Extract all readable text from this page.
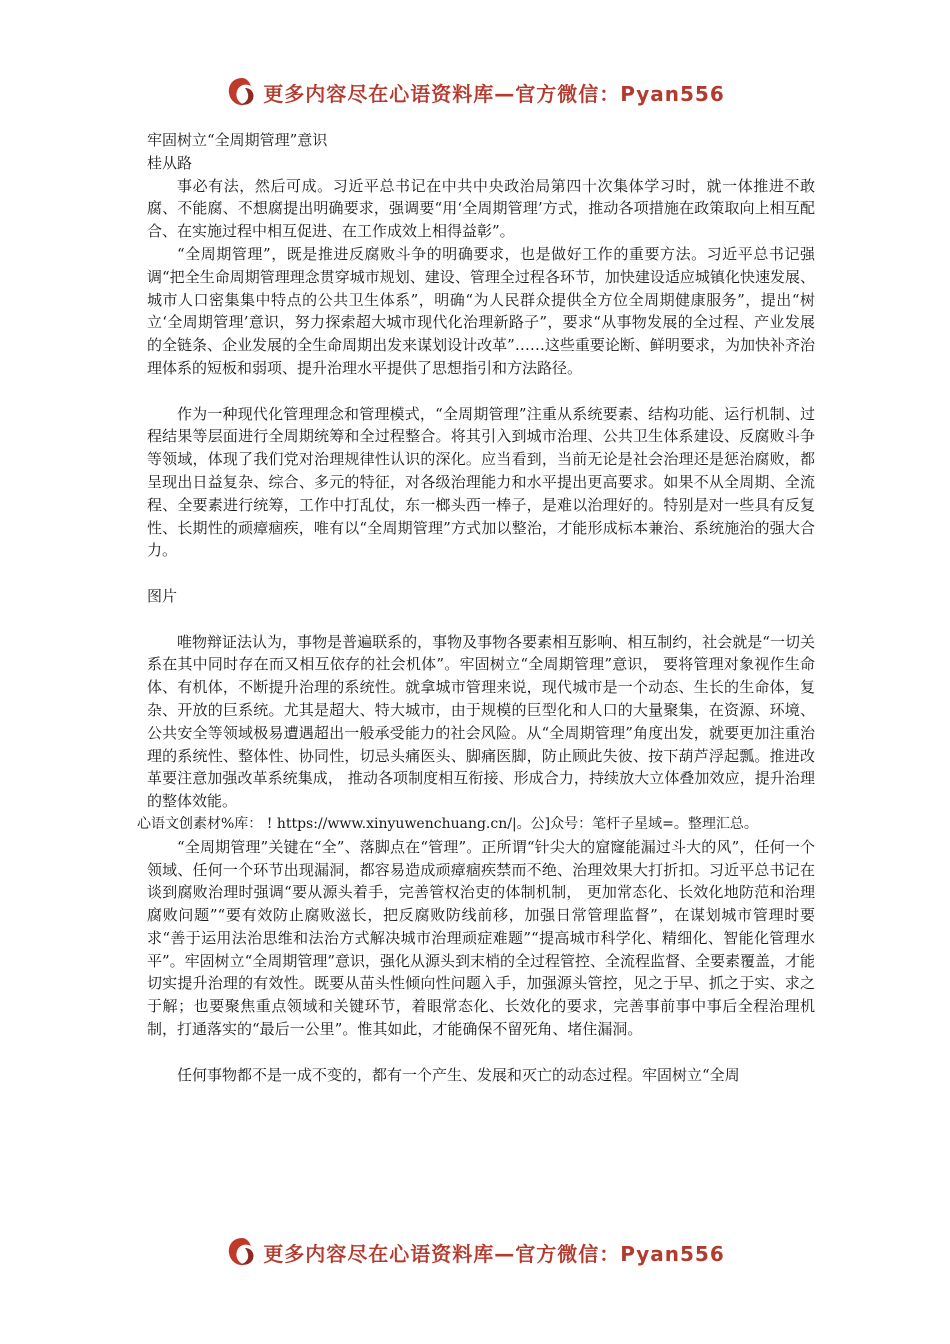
更多内容尽在心语资料库—官方微信：Pyan556

牢固树立“全周期管理”意识

桂从路

事必有法，然后可成。习近平总书记在中共中央政治局第四十次集体学习时，就一体推进不敢腐、不能腐、不想腐提出明确要求，强调要“用‘全周期管理’方式，推动各项措施在政策取向上相互配合、在实施过程中相互促进、在工作成效上相得益彰”。

“全周期管理”，既是推进反腐败斗争的明确要求，也是做好工作的重要方法。习近平总书记强调“把全生命周期管理理念贯穿城市规划、建设、管理全过程各环节，加快建设适应城镇化快速发展、城市人口密集集中特点的公共卫生体系”，明确“为人民群众提供全方位全周期健康服务”，提出“树立‘全周期管理’意识，努力探索超大城市现代化治理新路子”，要求“从事物发展的全过程、产业发展的全链条、企业发展的全生命周期出发来谋划设计改革”……这些重要论断、鲜明要求，为加快补齐治理体系的短板和弱项、提升治理水平提供了思想指引和方法路径。

作为一种现代化管理理念和管理模式，“全周期管理”注重从系统要素、结构功能、运行机制、过程结果等层面进行全周期统筹和全过程整合。将其引入到城市治理、公共卫生体系建设、反腐败斗争等领域，体现了我们党对治理规律性认识的深化。应当看到，当前无论是社会治理还是惩治腐败，都呈现出日益复杂、综合、多元的特征，对各级治理能力和水平提出更高要求。如果不从全周期、全流程、全要素进行统筹，工作中打乱仗，东一榔头西一棒子，是难以治理好的。特别是对一些具有反复性、长期性的顽瘴痼疾，唯有以“全周期管理”方式加以整治，才能形成标本兼治、系统施治的强大合力。

图片

唯物辩证法认为，事物是普遍联系的，事物及事物各要素相互影响、相互制约，社会就是“一切关系在其中同时存在而又相互依存的社会机体”。牢固树立“全周期管理”意识， 要将管理对象视作生命体、有机体，不断提升治理的系统性。就拿城市管理来说，现代城市是一个动态、生长的生命体，复杂、开放的巨系统。尤其是超大、特大城市，由于规模的巨型化和人口的大量聚集，在资源、环境、公共安全等领域极易遭遇超出一般承受能力的社会风险。从“全周期管理”角度出发，就要更加注重治理的系统性、整体性、协同性，切忌头痛医头、脚痛医脚，防止顾此失彼、按下葫芦浮起瓢。推进改革要注意加强改革系统集成， 推动各项制度相互衔接、形成合力，持续放大立体叠加效应，提升治理的整体效能。

心语文创素材%库： ! https://www.xinyuwenchuang.cn/|。公]众号：笔杆子星域=。整理汇总。

“全周期管理”关键在“全”、落脚点在“管理”。正所谓“针尖大的窟窿能漏过斗大的风”，任何一个领域、任何一个环节出现漏洞，都容易造成顽瘴痼疾禁而不绝、治理效果大打折扣。习近平总书记在谈到腐败治理时强调“要从源头着手，完善管权治吏的体制机制， 更加常态化、长效化地防范和治理腐败问题”“要有效防止腐败滋长，把反腐败防线前移，加强日常管理监督”，在谋划城市管理时要求“善于运用法治思维和法治方式解决城市治理顽症难题”“提高城市科学化、精细化、智能化管理水平”。牢固树立“全周期管理”意识，强化从源头到末梢的全过程管控、全流程监督、全要素覆盖，才能切实提升治理的有效性。既要从苗头性倾向性问题入手，加强源头管控，见之于早、抓之于实、求之于解；也要聚焦重点领域和关键环节，着眼常态化、长效化的要求，完善事前事中事后全程治理机制，打通落实的“最后一公里”。惟其如此，才能确保不留死角、堵住漏洞。

任何事物都不是一成不变的，都有一个产生、发展和灭亡的动态过程。牢固树立“全周

更多内容尽在心语资料库—官方微信：Pyan556
